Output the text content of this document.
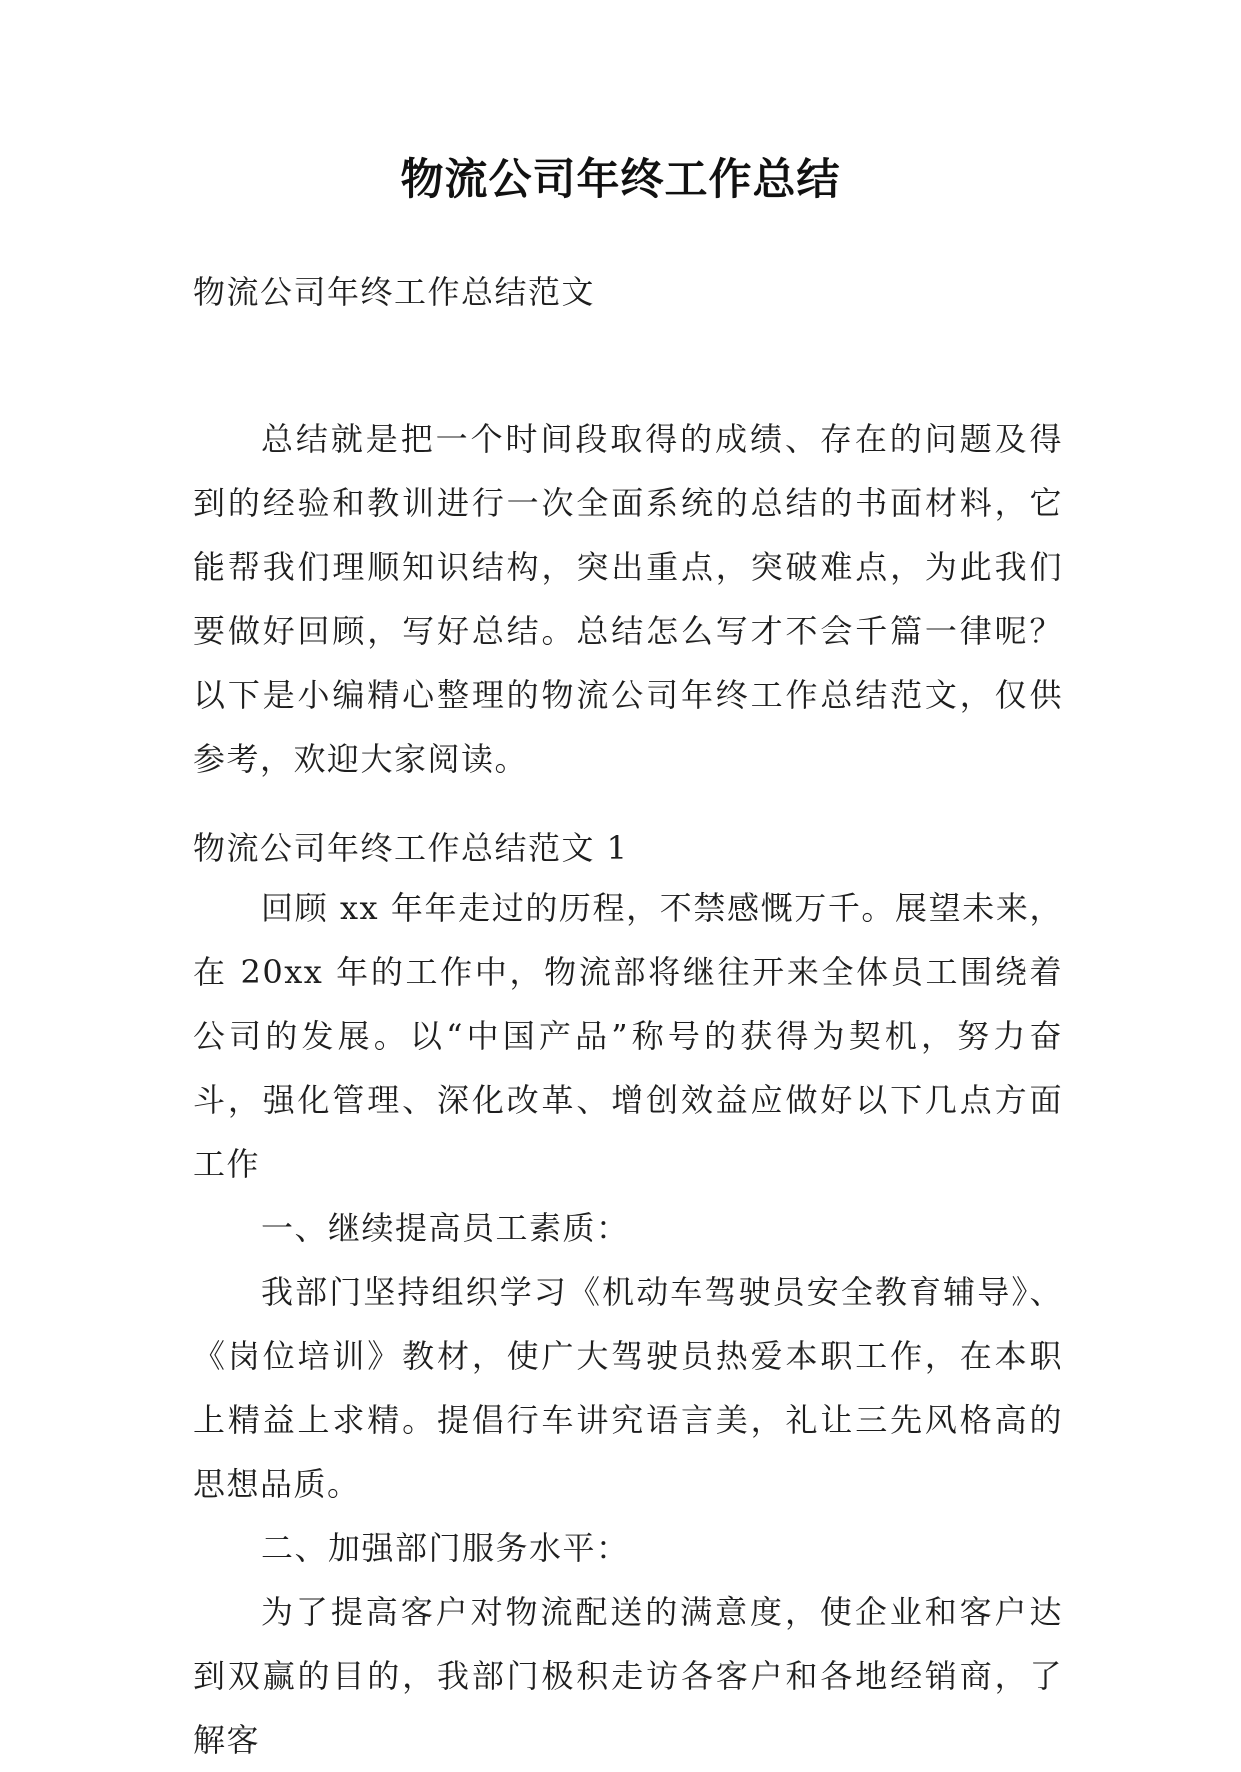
物流公司年终工作总结

物流公司年终工作总结范文

总结就是把一个时间段取得的成绩、存在的问题及得到的经验和教训进行一次全面系统的总结的书面材料，它能帮我们理顺知识结构，突出重点，突破难点，为此我们要做好回顾，写好总结。总结怎么写才不会千篇一律呢？以下是小编精心整理的物流公司年终工作总结范文，仅供参考，欢迎大家阅读。

物流公司年终工作总结范文 1

回顾 xx 年年走过的历程，不禁感慨万千。展望未来，在 20xx 年的工作中，物流部将继往开来全体员工围绕着公司的发展。以“中国产品”称号的获得为契机，努力奋斗，强化管理、深化改革、增创效益应做好以下几点方面工作

一、继续提高员工素质：

我部门坚持组织学习《机动车驾驶员安全教育辅导》、《岗位培训》教材，使广大驾驶员热爱本职工作，在本职上精益上求精。提倡行车讲究语言美，礼让三先风格高的思想品质。

二、加强部门服务水平：

为了提高客户对物流配送的满意度，使企业和客户达到双赢的目的，我部门极积走访各客户和各地经销商，了解客
